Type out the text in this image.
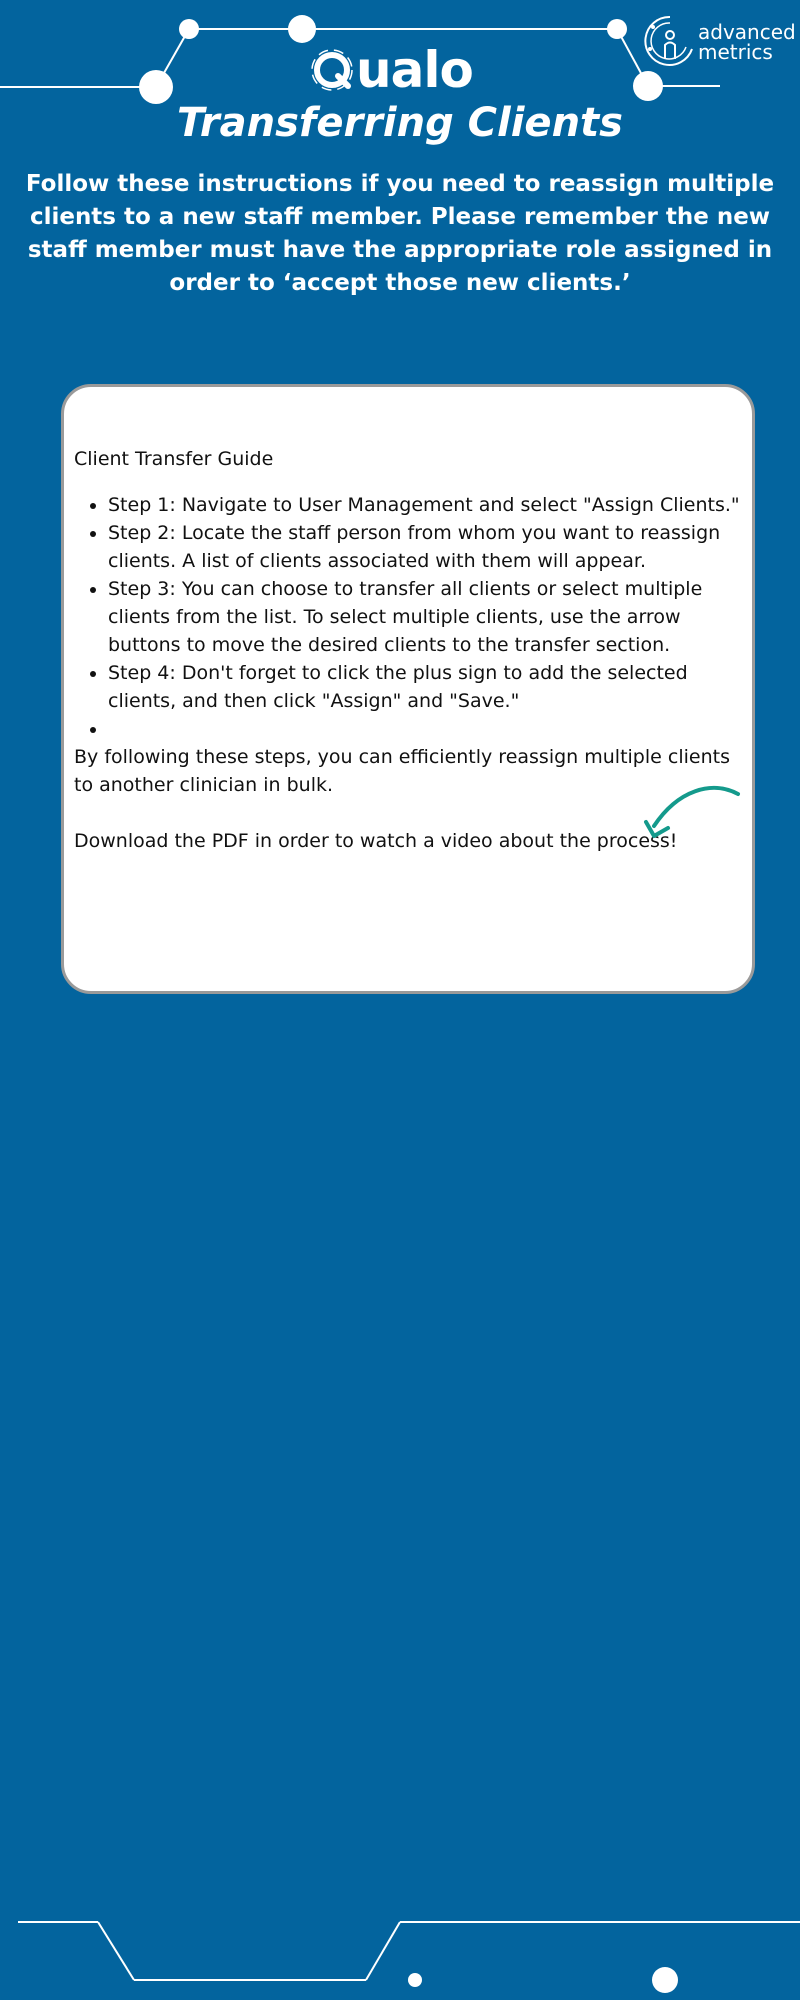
ualo
advanced
metrics
Transferring Clients

Follow these instructions if you need to reassign multiple clients to a new staff member. Please remember the new staff member must have the appropriate role assigned in order to ‘accept those new clients.’

Client Transfer Guide

• Step 1: Navigate to User Management and select "Assign Clients."
• Step 2: Locate the staff person from whom you want to reassign clients. A list of clients associated with them will appear.
• Step 3: You can choose to transfer all clients or select multiple clients from the list. To select multiple clients, use the arrow buttons to move the desired clients to the transfer section.
• Step 4: Don't forget to click the plus sign to add the selected clients, and then click "Assign" and "Save."
•

By following these steps, you can efficiently reassign multiple clients to another clinician in bulk.

Download the PDF in order to watch a video about the process!
